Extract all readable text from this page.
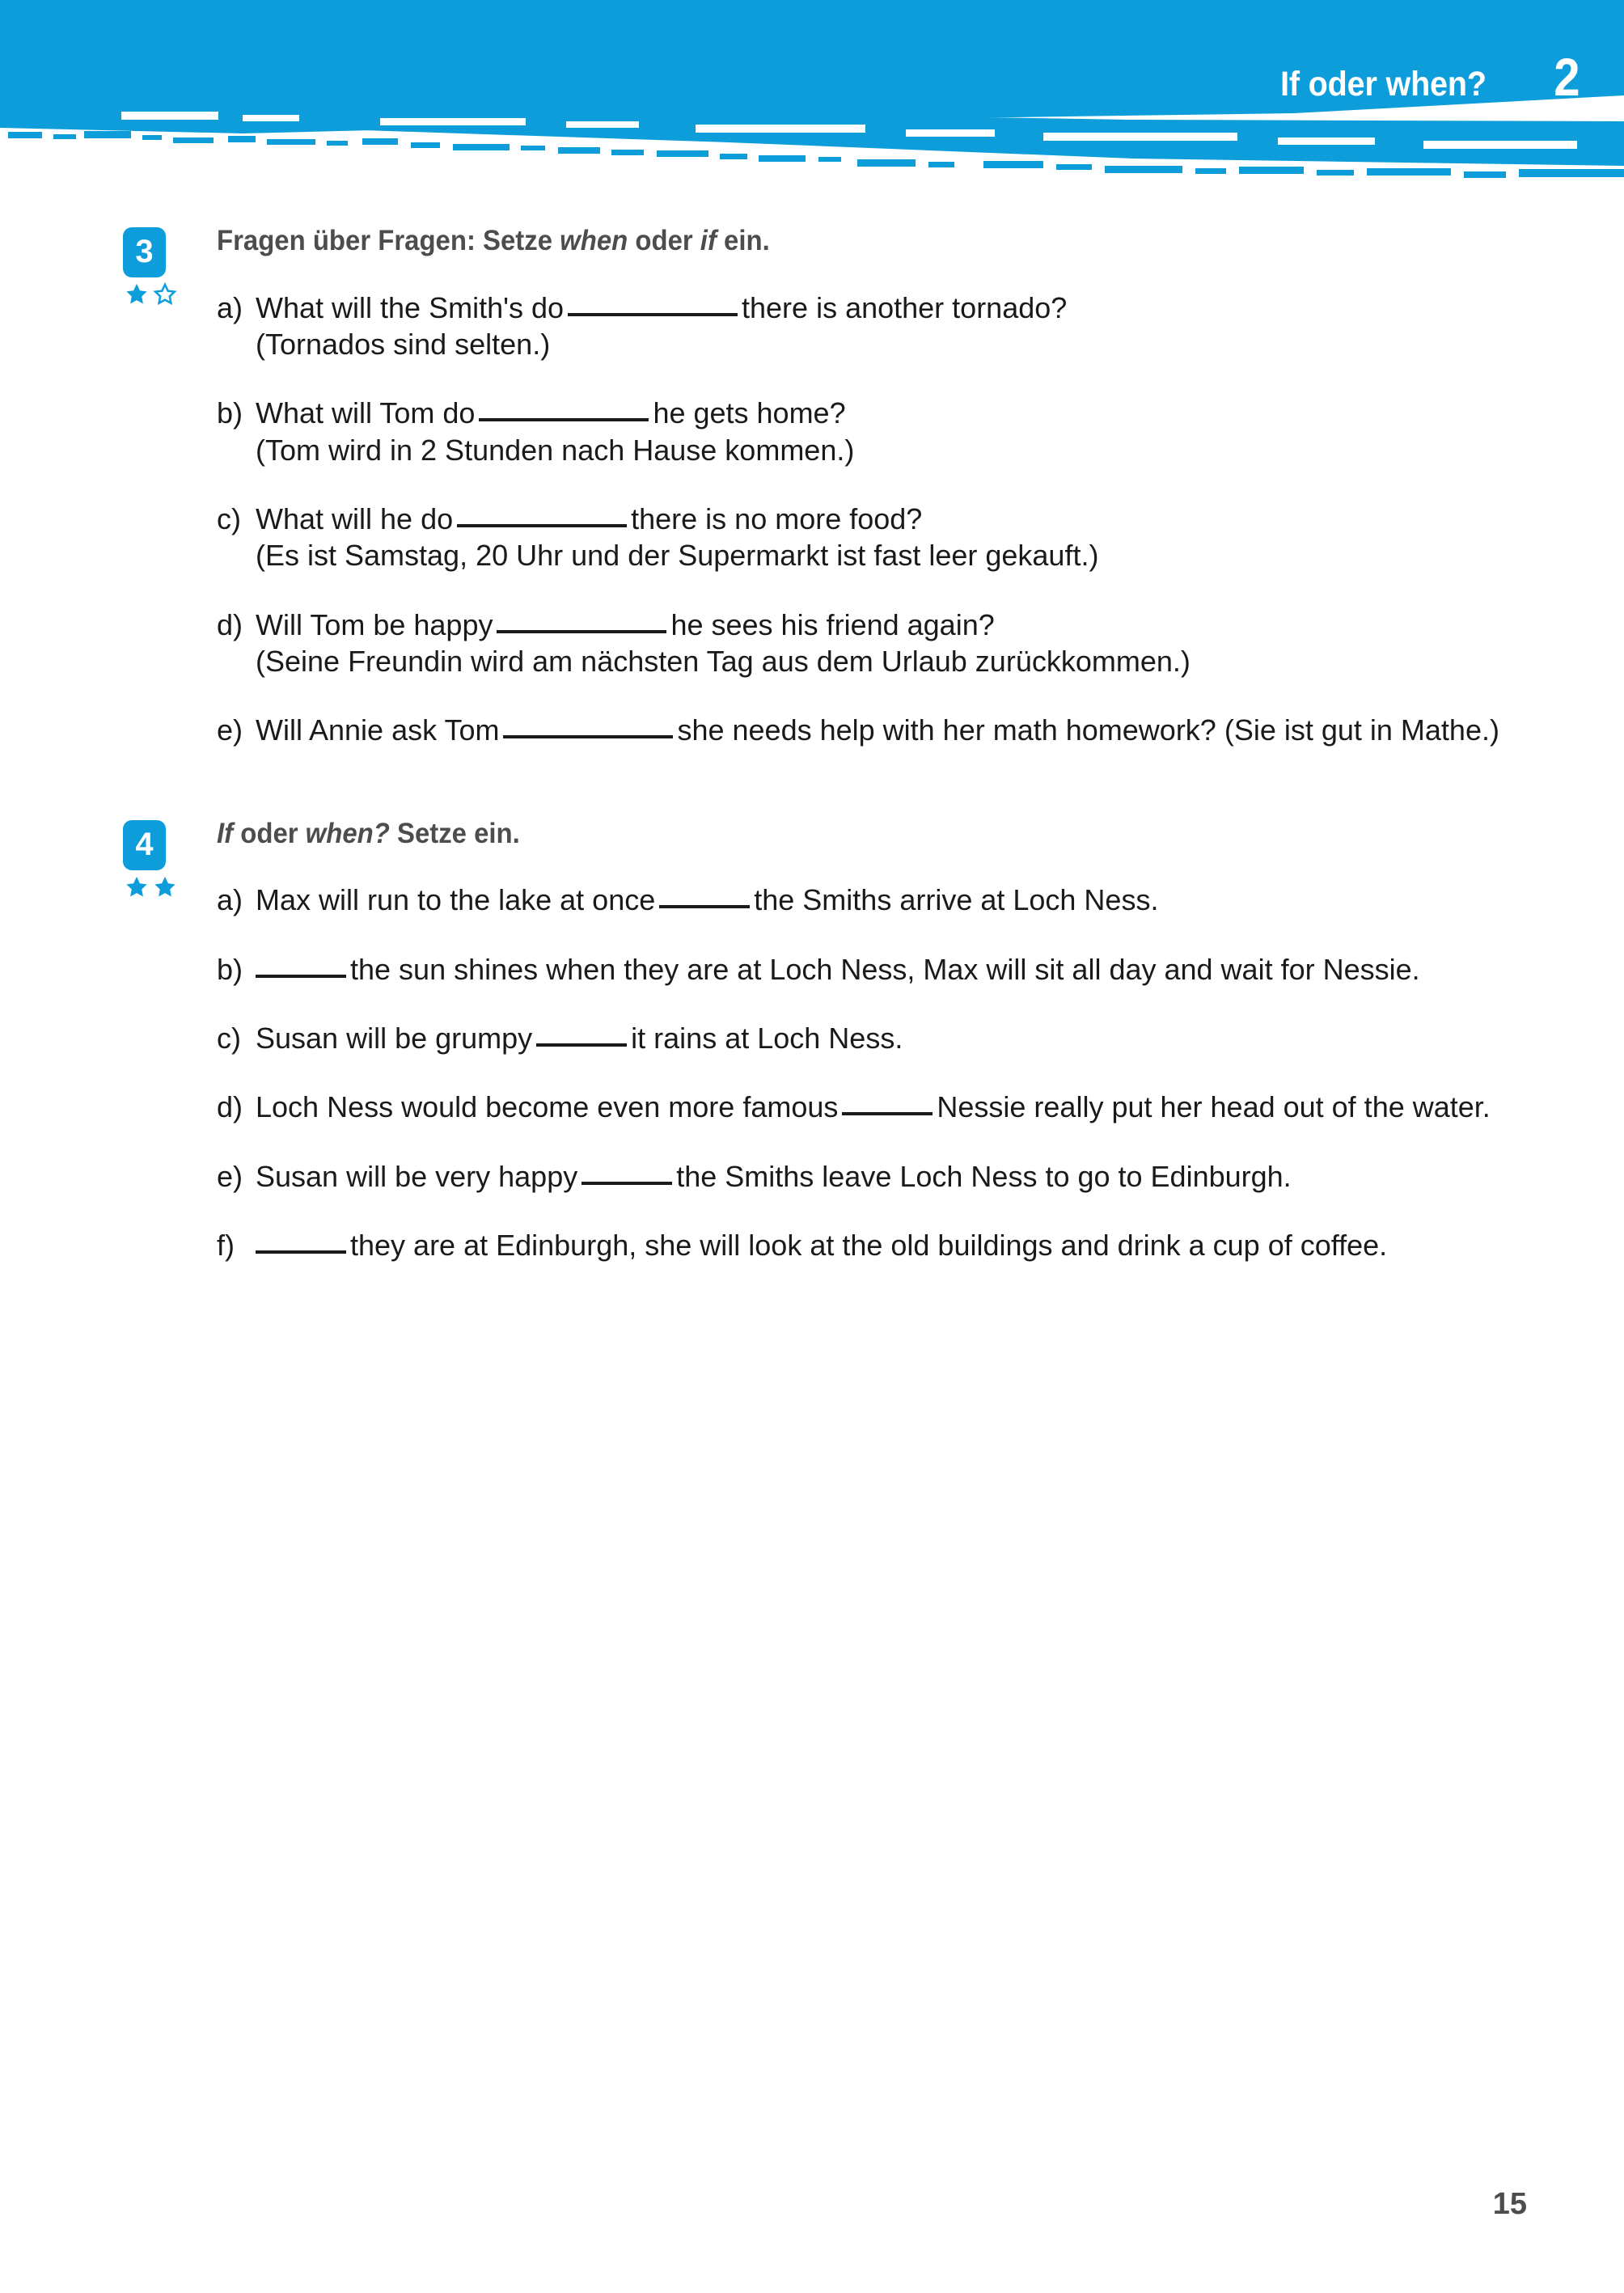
If oder when? 2
3	Fragen über Fragen: Setze when oder if ein.
a) What will the Smith's do	there is another tornado?
(Tornados sind selten.)
b) What will Tom do	he gets home?
(Tom wird in 2 Stunden nach Hause kommen.)
c) What will he do	there is no more food?
(Es ist Samstag, 20 Uhr und der Supermarkt ist fast leer gekauft.)
d) Will Tom be happy	he sees his friend again?
(Seine Freundin wird am nächsten Tag aus dem Urlaub zurückkommen.)
e) Will Annie ask Tom	she needs help with her math homework? (Sie ist gut in Mathe.)
4	If oder when? Setze ein.
a) Max will run to the lake at once	the Smiths arrive at Loch Ness.
b)	the sun shines when they are at Loch Ness, Max will sit all day and wait for Nessie.
c) Susan will be grumpy	it rains at Loch Ness.
d) Loch Ness would become even more famous	Nessie really put her head out of the water.
e) Susan will be very happy	the Smiths leave Loch Ness to go to Edinburgh.
f)	they are at Edinburgh, she will look at the old buildings and drink a cup of coffee.
15
